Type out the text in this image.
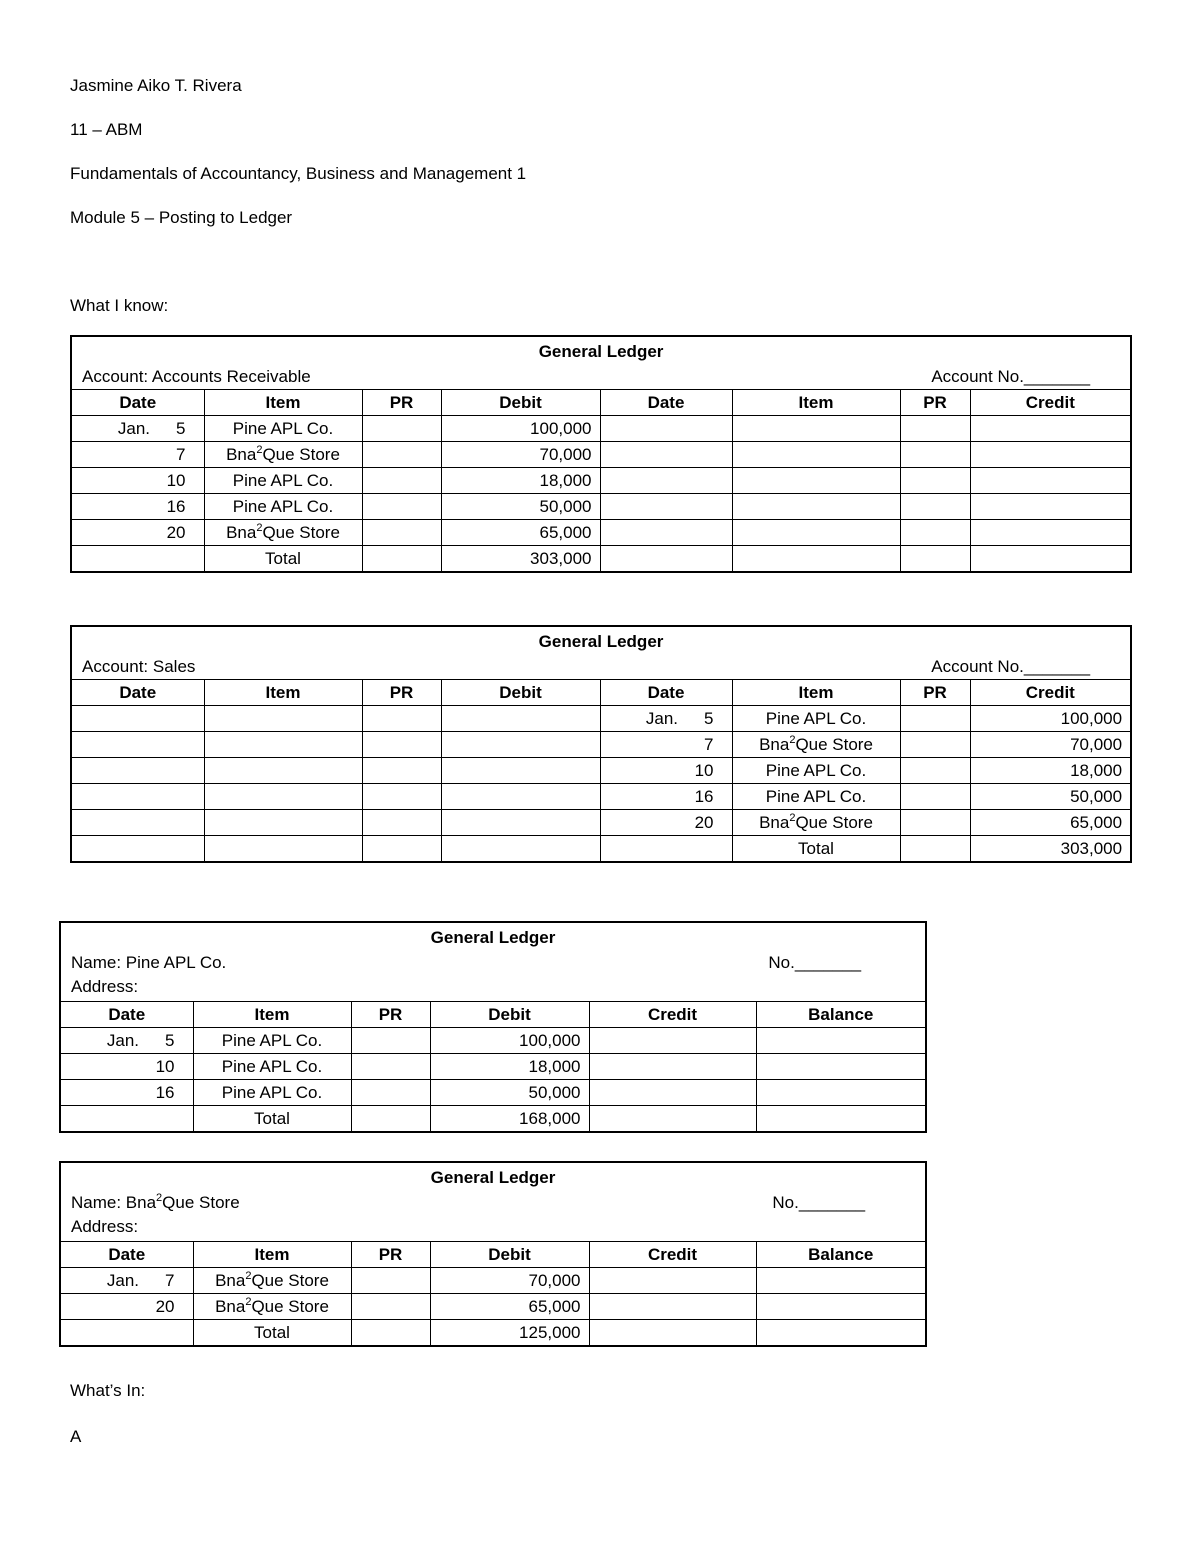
Jasmine Aiko T. Rivera
11 – ABM
Fundamentals of Accountancy, Business and Management 1
Module 5 – Posting to Ledger
What I know:
General Ledger
Account: Accounts Receivable Account No._______							

Date	Item	PR	Debit	Date	Item	PR	Credit
Jan. 5	Pine APL Co.		100,000				
7	Bna$^2$Que Store		70,000				
10	Pine APL Co.		18,000				
16	Pine APL Co.		50,000				
20	Bna$^2$Que Store		65,000				
	Total		303,000				
General Ledger
Account: Sales Account No._______							

Date	Item	PR	Debit	Date	Item	PR	Credit
				Jan. 5	Pine APL Co.		100,000
				7	Bna$^2$Que Store		70,000
				10	Pine APL Co.		18,000
				16	Pine APL Co.		50,000
				20	Bna$^2$Que Store		65,000
					Total		303,000
General Ledger
Name: Pine APL Co. No._______
Address:					

Date	Item	PR	Debit	Credit	Balance
Jan. 5	Pine APL Co.		100,000		
10	Pine APL Co.		18,000		
16	Pine APL Co.		50,000		
	Total		168,000		
General Ledger
Name: Bna$^2$Que Store No._______
Address:					

Date	Item	PR	Debit	Credit	Balance
Jan. 7	Bna$^2$Que Store		70,000		
20	Bna$^2$Que Store		65,000		
	Total		125,000		
What’s In:
A
